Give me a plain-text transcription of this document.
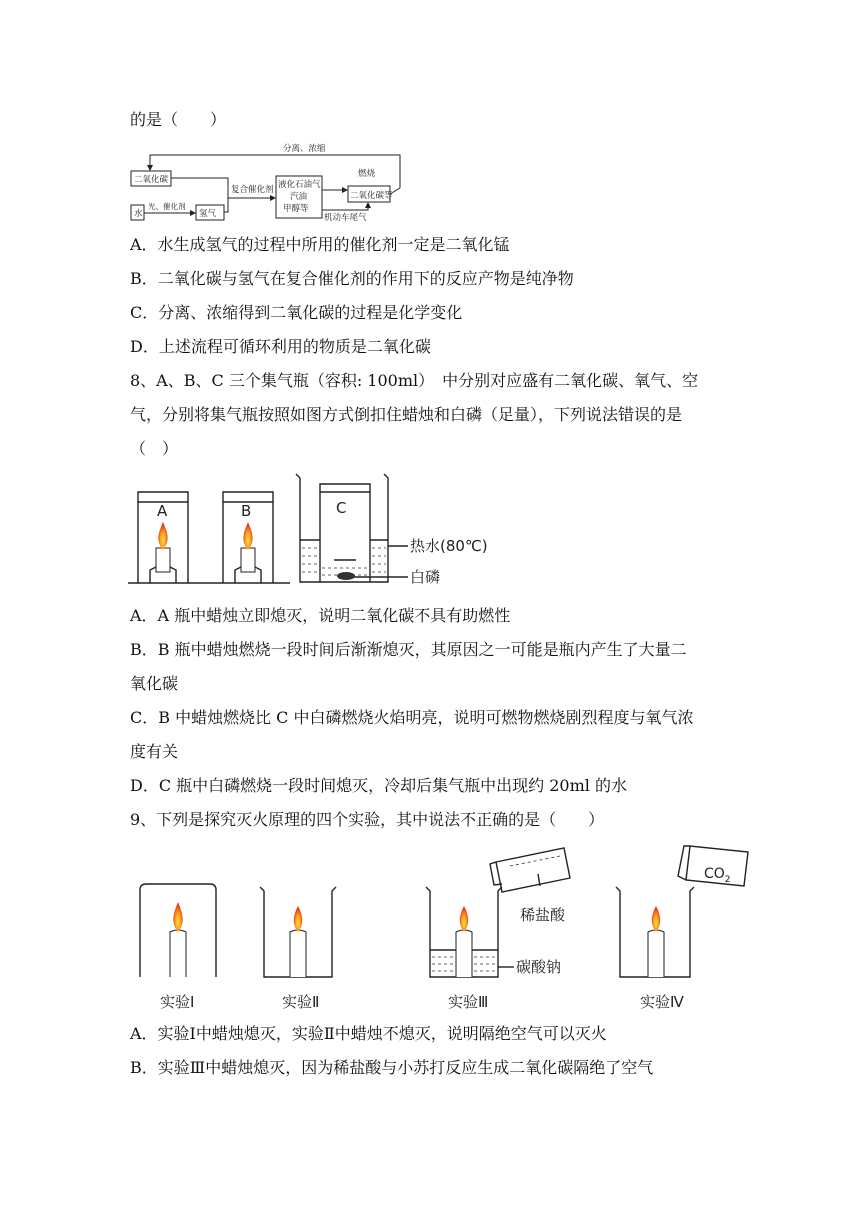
的是（　　）
分离、浓缩
二氧化碳
水
光、催化剂
氢气
复合催化剂 液化石油气
汽油
甲醇等
燃烧
二氧化碳等
机动车尾气
A．水生成氢气的过程中所用的催化剂一定是二氧化锰
B．二氧化碳与氢气在复合催化剂的作用下的反应产物是纯净物
C．分离、浓缩得到二氧化碳的过程是化学变化
D．上述流程可循环利用的物质是二氧化碳
8、A、B、C 三个集气瓶（容积: 100ml）　中分别对应盛有二氧化碳、氧气、空
气，分别将集气瓶按照如图方式倒扣住蜡烛和白磷（足量），下列说法错误的是
（　）
A	B	C
热水(80℃)
白磷
A．A 瓶中蜡烛立即熄灭，说明二氧化碳不具有助燃性
B．B 瓶中蜡烛燃烧一段时间后渐渐熄灭，其原因之一可能是瓶内产生了大量二
氧化碳
C．B 中蜡烛燃烧比 C 中白磷燃烧火焰明亮，说明可燃物燃烧剧烈程度与氧气浓
度有关
D．C 瓶中白磷燃烧一段时间熄灭，冷却后集气瓶中出现约 20ml 的水
9、下列是探究灭火原理的四个实验，其中说法不正确的是（　　）
稀盐酸
碳酸钠
$CO_2$
实验Ⅰ	实验Ⅱ	实验Ⅲ	实验Ⅳ
A．实验Ⅰ中蜡烛熄灭，实验Ⅱ中蜡烛不熄灭，说明隔绝空气可以灭火
B．实验Ⅲ中蜡烛熄灭，因为稀盐酸与小苏打反应生成二氧化碳隔绝了空气
